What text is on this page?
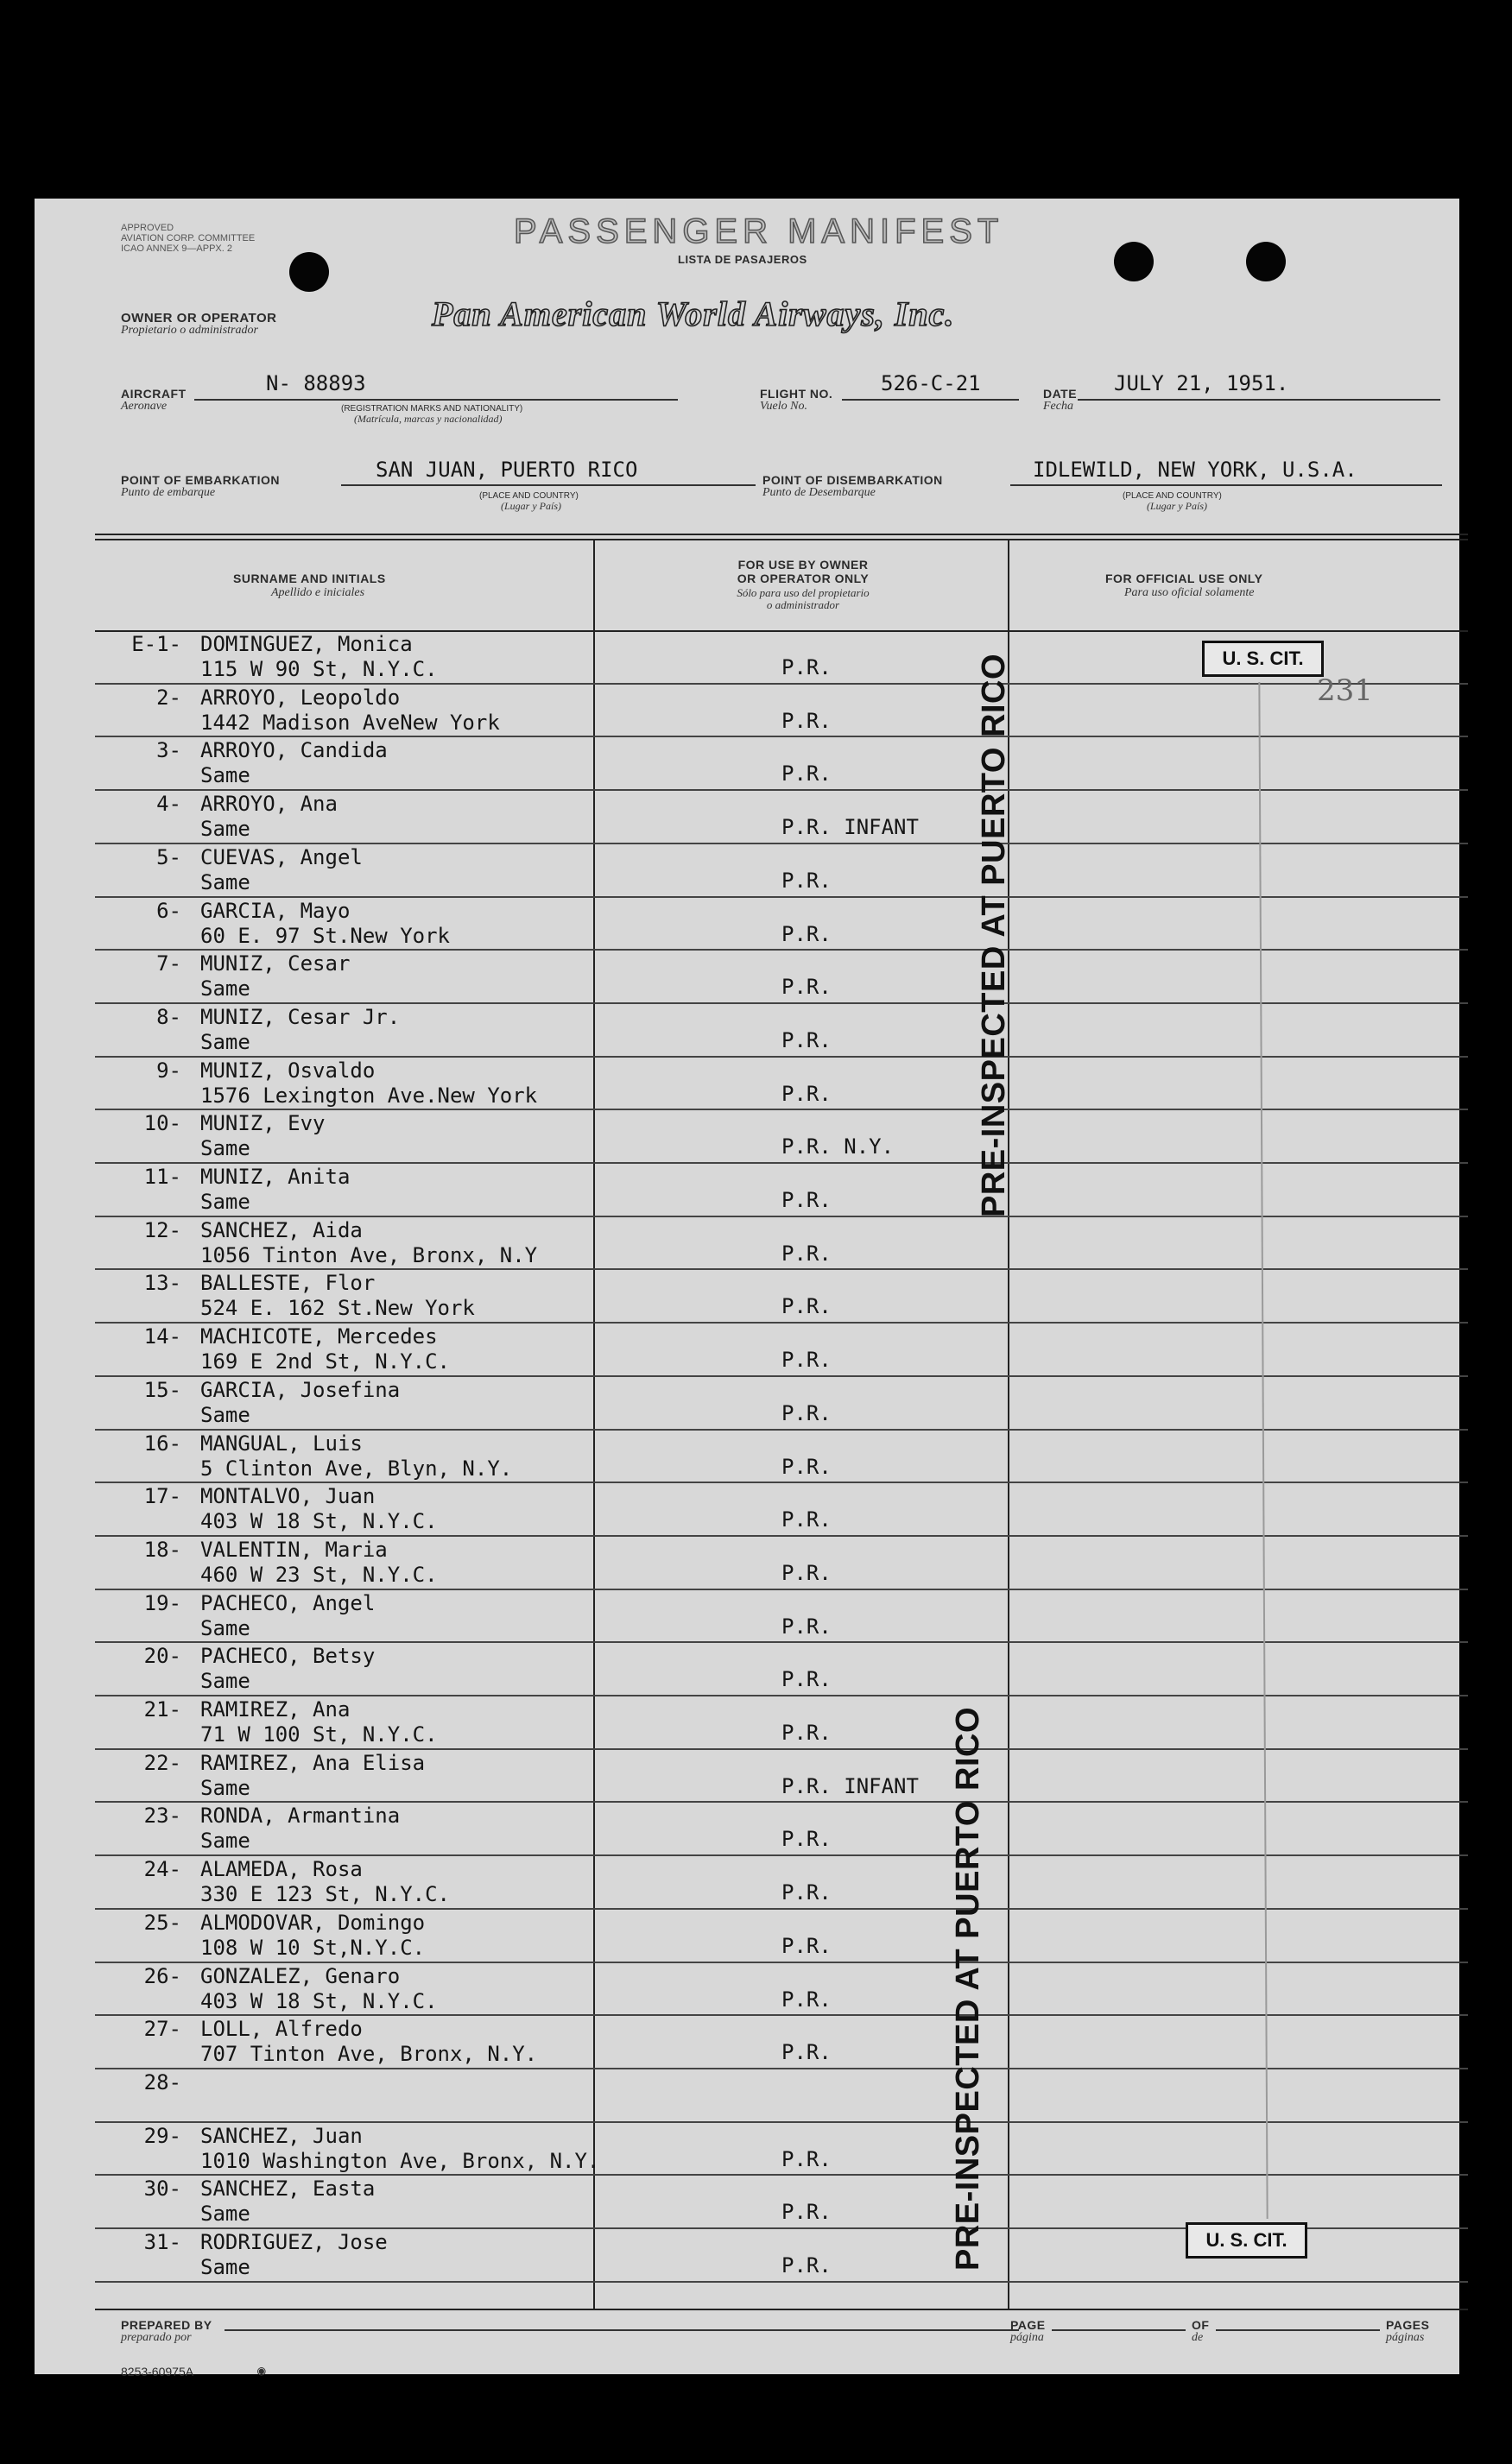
APPROVED
AVIATION CORP. COMMITTEE
ICAO ANNEX 9—APPX. 2	PASSENGER MANIFEST
LISTA DE PASAJEROS
OWNER OR OPERATOR
Propietario o administrador	Pan American World Airways, Inc.
AIRCRAFT
Aeronave
N- 88893
(REGISTRATION MARKS AND NATIONALITY)
(Matrícula, marcas y nacionalidad)
FLIGHT NO.
Vuelo No.
526-C-21	DATE
Fecha
JULY 21, 1951.
POINT OF EMBARKATION
Punto de embarque
SAN JUAN, PUERTO RICO	POINT OF DISEMBARKATION
Punto de Desembarque
IDLEWILD, NEW YORK, U.S.A.
(PLACE AND COUNTRY)
(Lugar y País)
(PLACE AND COUNTRY)
(Lugar y País)
SURNAME AND INITIALS
Apellido e iniciales
FOR USE BY OWNER
OR OPERATOR ONLY
Sólo para uso del propietario
o administrador
FOR OFFICIAL USE ONLY
Para uso oficial solamente
E-1- DOMINGUEZ, Monica
115 W 90 St, N.Y.C.	P.R.
2- ARROYO, Leopoldo
1442 Madison AveNew York	P.R.
3- ARROYO, Candida
Same	P.R.
4- ARROYO, Ana
Same	P.R. INFANT
5- CUEVAS, Angel
Same	P.R.
6- GARCIA, Mayo
60 E. 97 St.New York	P.R.
7- MUNIZ, Cesar
Same	P.R.
8- MUNIZ, Cesar Jr.
Same	P.R.
9- MUNIZ, Osvaldo
1576 Lexington Ave.New York	P.R.
10- MUNIZ, Evy
Same	P.R. N.Y.
11- MUNIZ, Anita
Same	P.R.
12- SANCHEZ, Aida
1056 Tinton Ave, Bronx, N.Y	P.R.
13- BALLESTE, Flor
524 E. 162 St.New York	P.R.
14- MACHICOTE, Mercedes
169 E 2nd St, N.Y.C.	P.R.
15- GARCIA, Josefina
Same	P.R.
16- MANGUAL, Luis
5 Clinton Ave, Blyn, N.Y.	P.R.
17- MONTALVO, Juan
403 W 18 St, N.Y.C.	P.R.
18- VALENTIN, Maria
460 W 23 St, N.Y.C.	P.R.
19- PACHECO, Angel
Same	P.R.
20- PACHECO, Betsy
Same	P.R.
21- RAMIREZ, Ana
71 W 100 St, N.Y.C.	P.R.
22- RAMIREZ, Ana Elisa
Same	P.R. INFANT
23- RONDA, Armantina
Same	P.R.
24- ALAMEDA, Rosa
330 E 123 St, N.Y.C.	P.R.
25- ALMODOVAR, Domingo
108 W 10 St,N.Y.C.	P.R.
26- GONZALEZ, Genaro
403 W 18 St, N.Y.C.	P.R.
27- LOLL, Alfredo
707 Tinton Ave, Bronx, N.Y.	P.R.
28-
29- SANCHEZ, Juan
1010 Washington Ave, Bronx, N.Y.	P.R.
30- SANCHEZ, Easta
Same	P.R.
31- RODRIGUEZ, Jose
Same	P.R.
U. S. CIT.
U. S. CIT.
231
PRE-INSPECTED AT PUERTO RICO
PRE-INSPECTED AT PUERTO RICO
PREPARED BY
preparado por
PAGE
página
OF
de
PAGES
páginas
8253-60975A	◉
